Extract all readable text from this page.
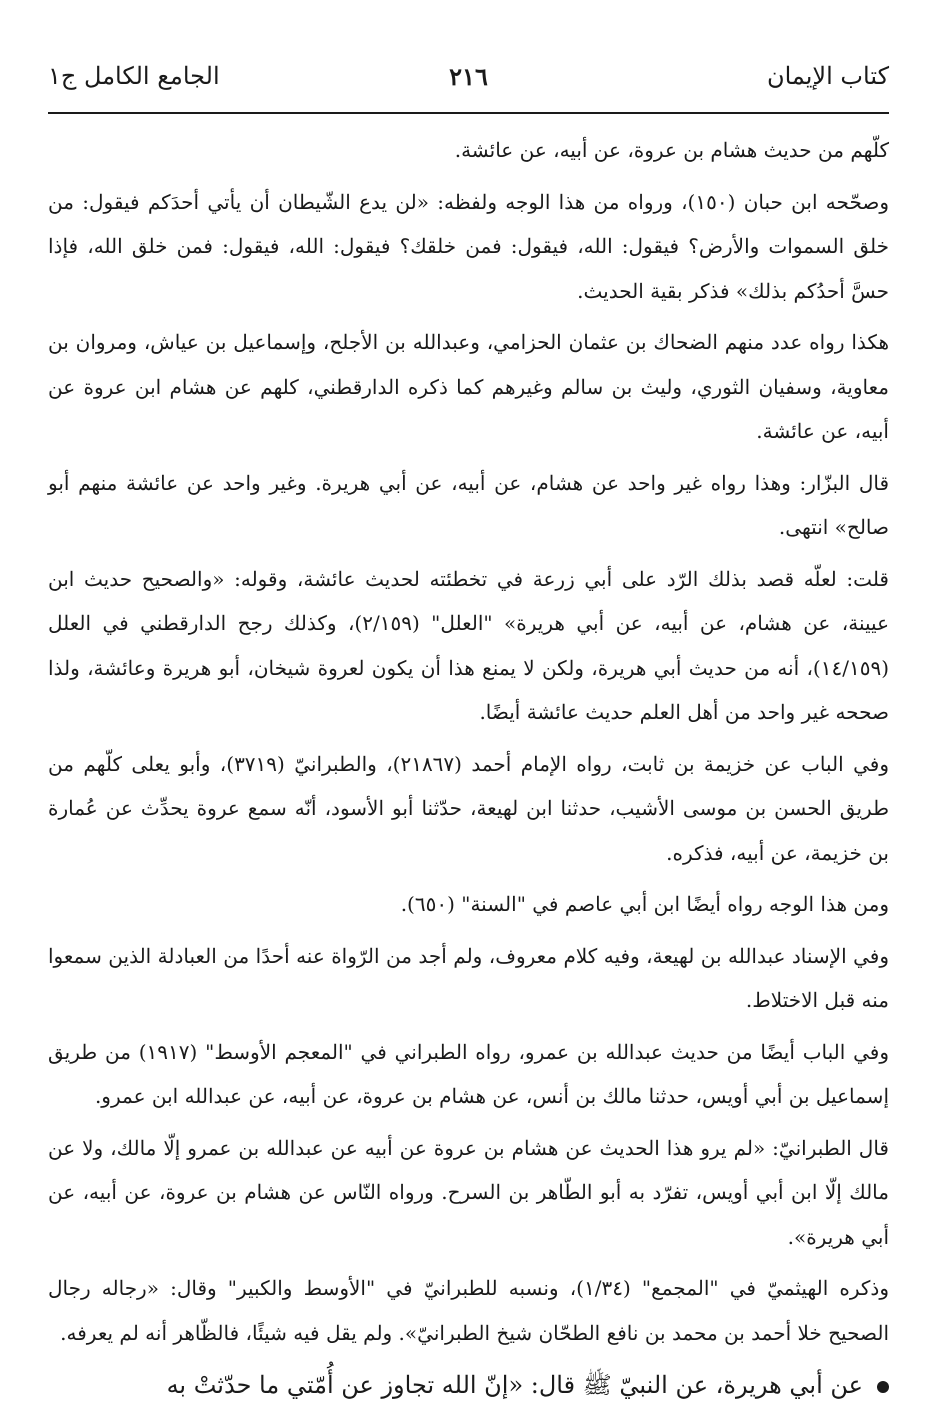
كتاب الإيمان
٢١٦
الجامع الكامل ج١

كلّهم من حديث هشام بن عروة، عن أبيه، عن عائشة.

وصحّحه ابن حبان (١٥٠)، ورواه من هذا الوجه ولفظه: «لن يدع الشّيطان أن يأتي أحدَكم فيقول: من خلق السموات والأرض؟ فيقول: الله، فيقول: فمن خلقك؟ فيقول: الله، فيقول: فمن خلق الله، فإذا حسَّ أحدُكم بذلك» فذكر بقية الحديث.

هكذا رواه عدد منهم الضحاك بن عثمان الحزامي، وعبدالله بن الأجلح، وإسماعيل بن عياش، ومروان بن معاوية، وسفيان الثوري، وليث بن سالم وغيرهم كما ذكره الدارقطني، كلهم عن هشام ابن عروة عن أبيه، عن عائشة.

قال البزّار: وهذا رواه غير واحد عن هشام، عن أبيه، عن أبي هريرة. وغير واحد عن عائشة منهم أبو صالح» انتهى.

قلت: لعلّه قصد بذلك الرّد على أبي زرعة في تخطئته لحديث عائشة، وقوله: «والصحيح حديث ابن عيينة، عن هشام، عن أبيه، عن أبي هريرة» "العلل" (٢/١٥٩)، وكذلك رجح الدارقطني في العلل (١٤/١٥٩)، أنه من حديث أبي هريرة، ولكن لا يمنع هذا أن يكون لعروة شيخان، أبو هريرة وعائشة، ولذا صححه غير واحد من أهل العلم حديث عائشة أيضًا.

وفي الباب عن خزيمة بن ثابت، رواه الإمام أحمد (٢١٨٦٧)، والطبرانيّ (٣٧١٩)، وأبو يعلى كلّهم من طريق الحسن بن موسى الأشيب، حدثنا ابن لهيعة، حدّثنا أبو الأسود، أنّه سمع عروة يحدِّث عن عُمارة بن خزيمة، عن أبيه، فذكره.

ومن هذا الوجه رواه أيضًا ابن أبي عاصم في "السنة" (٦٥٠).

وفي الإسناد عبدالله بن لهيعة، وفيه كلام معروف، ولم أجد من الرّواة عنه أحدًا من العبادلة الذين سمعوا منه قبل الاختلاط.

وفي الباب أيضًا من حديث عبدالله بن عمرو، رواه الطبراني في "المعجم الأوسط" (١٩١٧) من طريق إسماعيل بن أبي أويس، حدثنا مالك بن أنس، عن هشام بن عروة، عن أبيه، عن عبدالله ابن عمرو.

قال الطبرانيّ: «لم يرو هذا الحديث عن هشام بن عروة عن أبيه عن عبدالله بن عمرو إلّا مالك، ولا عن مالك إلّا ابن أبي أويس، تفرّد به أبو الطّاهر بن السرح. ورواه النّاس عن هشام بن عروة، عن أبيه، عن أبي هريرة».

وذكره الهيثميّ في "المجمع" (١/٣٤)، ونسبه للطبرانيّ في "الأوسط والكبير" وقال: «رجاله رجال الصحيح خلا أحمد بن محمد بن نافع الطحّان شيخ الطبرانيّ». ولم يقل فيه شيئًا، فالظّاهر أنه لم يعرفه.

عن أبي هريرة، عن النبيّ ﷺ قال: «إنّ الله تجاوز عن أُمّتي ما حدّثتْ به
